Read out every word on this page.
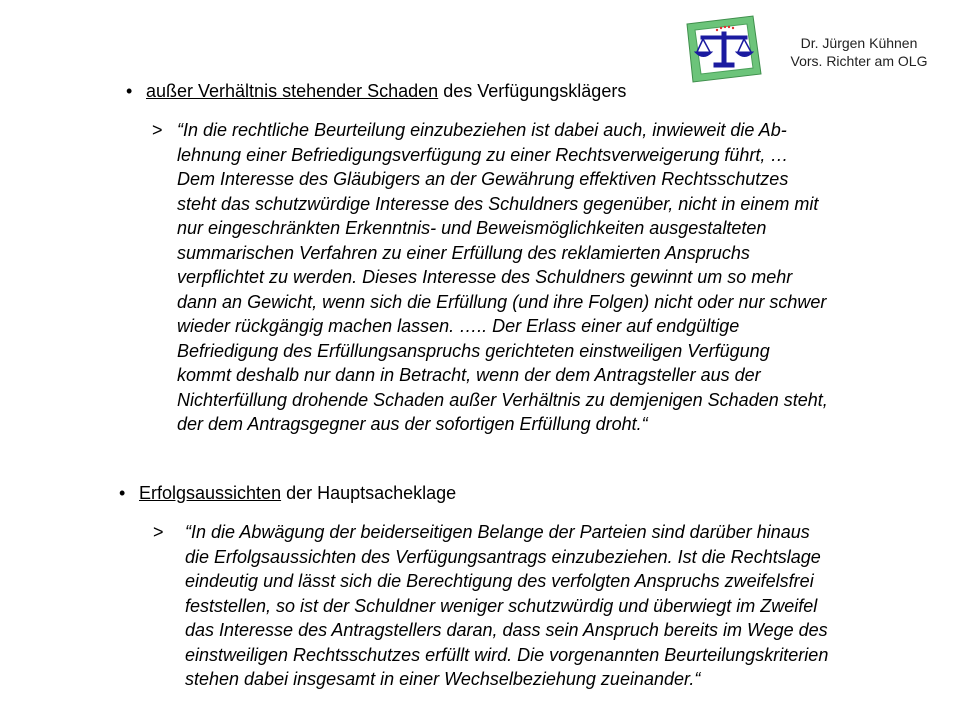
Dr. Jürgen Kühnen
Vors. Richter am OLG
• außer Verhältnis stehender Schaden des Verfügungsklägers
> “In die rechtliche Beurteilung einzubeziehen ist dabei auch, inwieweit die Ab-
lehnung einer Befriedigungsverfügung zu einer Rechtsverweigerung führt, …
Dem Interesse des Gläubigers an der Gewährung effektiven Rechtsschutzes
steht das schutzwürdige Interesse des Schuldners gegenüber, nicht in einem mit
nur eingeschränkten Erkenntnis- und Beweismöglichkeiten ausgestalteten
summarischen Verfahren zu einer Erfüllung des reklamierten Anspruchs
verpflichtet zu werden. Dieses Interesse des Schuldners gewinnt um so mehr
dann an Gewicht, wenn sich die Erfüllung (und ihre Folgen) nicht oder nur schwer
wieder rückgängig machen lassen. ….. Der Erlass einer auf endgültige
Befriedigung des Erfüllungsanspruchs gerichteten einstweiligen Verfügung
kommt deshalb nur dann in Betracht, wenn der dem Antragsteller aus der
Nichterfüllung drohende Schaden außer Verhältnis zu demjenigen Schaden steht,
der dem Antragsgegner aus der sofortigen Erfüllung droht.“
• Erfolgsaussichten der Hauptsacheklage
>	“In die Abwägung der beiderseitigen Belange der Parteien sind darüber hinaus
die Erfolgsaussichten des Verfügungsantrags einzubeziehen. Ist die Rechtslage
eindeutig und lässt sich die Berechtigung des verfolgten Anspruchs zweifelsfrei
feststellen, so ist der Schuldner weniger schutzwürdig und überwiegt im Zweifel
das Interesse des Antragstellers daran, dass sein Anspruch bereits im Wege des
einstweiligen Rechtsschutzes erfüllt wird. Die vorgenannten Beurteilungskriterien
stehen dabei insgesamt in einer Wechselbeziehung zueinander.“
